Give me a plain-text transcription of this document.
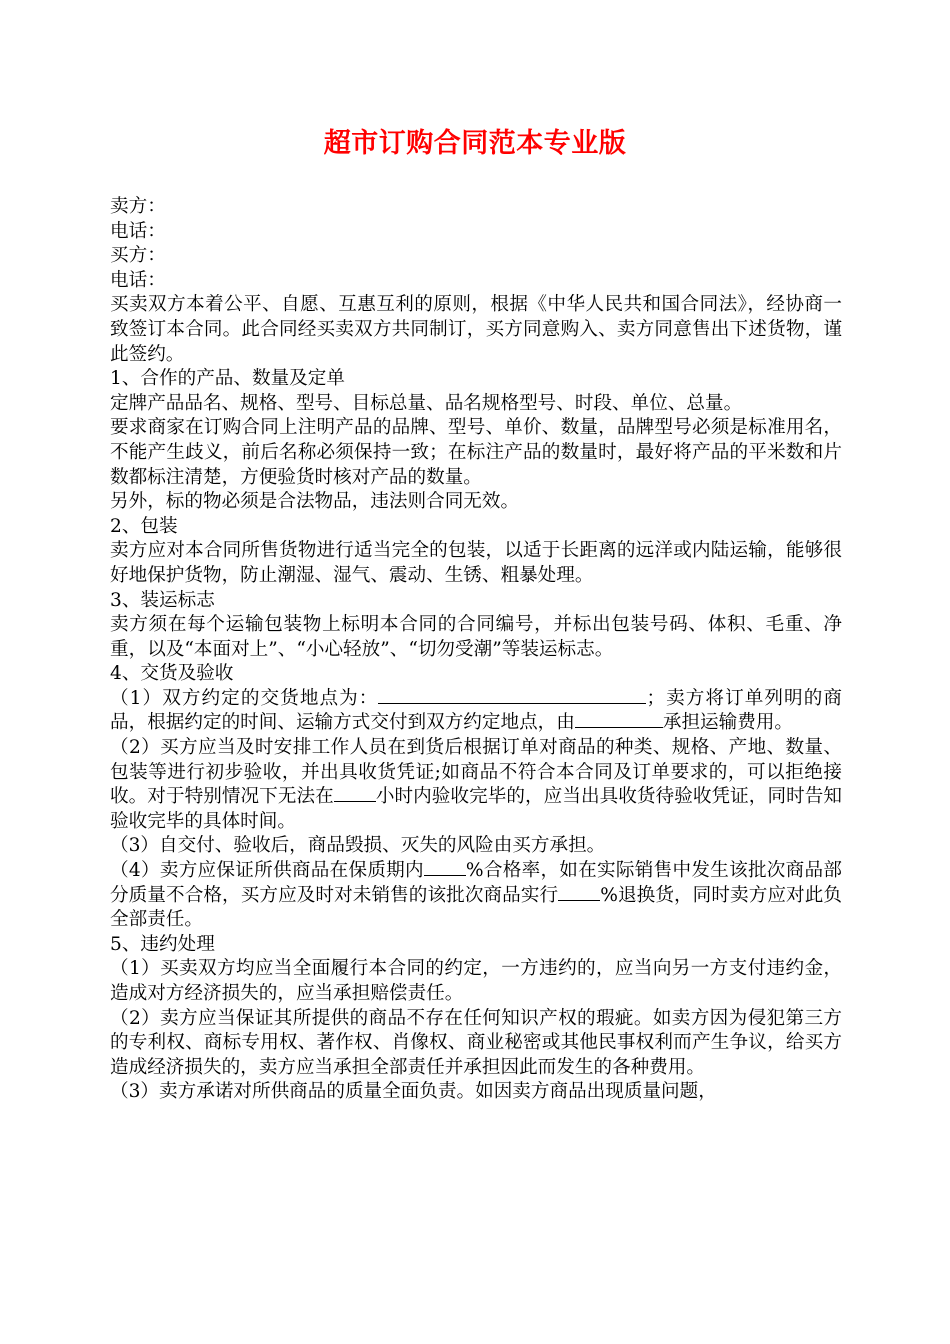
超市订购合同范本专业版

卖方：

电话：

买方：

电话：

买卖双方本着公平、自愿、互惠互利的原则，根据《中华人民共和国合同法》，经协商一致签订本合同。此合同经买卖双方共同制订，买方同意购入、卖方同意售出下述货物，谨此签约。

1、合作的产品、数量及定单

定牌产品品名、规格、型号、目标总量、品名规格型号、时段、单位、总量。

要求商家在订购合同上注明产品的品牌、型号、单价、数量，品牌型号必须是标准用名，不能产生歧义，前后名称必须保持一致；在标注产品的数量时，最好将产品的平米数和片数都标注清楚，方便验货时核对产品的数量。

另外，标的物必须是合法物品，违法则合同无效。

2、包装

卖方应对本合同所售货物进行适当完全的包装，以适于长距离的远洋或内陆运输，能够很好地保护货物，防止潮湿、湿气、震动、生锈、粗暴处理。

3、装运标志

卖方须在每个运输包装物上标明本合同的合同编号，并标出包装号码、体积、毛重、净重，以及“本面对上”、“小心轻放”、“切勿受潮”等装运标志。

4、交货及验收

（1）双方约定的交货地点为：	；卖方将订单列明的商品，根据约定的时间、运输方式交付到双方约定地点，由	承担运输费用。

（2）买方应当及时安排工作人员在到货后根据订单对商品的种类、规格、产地、数量、包装等进行初步验收，并出具收货凭证;如商品不符合本合同及订单要求的，可以拒绝接收。对于特别情况下无法在 小时内验收完毕的，应当出具收货待验收凭证，同时告知验收完毕的具体时间。

（3）自交付、验收后，商品毁损、灭失的风险由买方承担。

（4）卖方应保证所供商品在保质期内 %合格率，如在实际销售中发生该批次商品部分质量不合格，买方应及时对未销售的该批次商品实行 %退换货，同时卖方应对此负全部责任。

5、违约处理

（1）买卖双方均应当全面履行本合同的约定，一方违约的，应当向另一方支付违约金，造成对方经济损失的，应当承担赔偿责任。

（2）卖方应当保证其所提供的商品不存在任何知识产权的瑕疵。如卖方因为侵犯第三方的专利权、商标专用权、著作权、肖像权、商业秘密或其他民事权利而产生争议，给买方造成经济损失的，卖方应当承担全部责任并承担因此而发生的各种费用。

（3）卖方承诺对所供商品的质量全面负责。如因卖方商品出现质量问题，
